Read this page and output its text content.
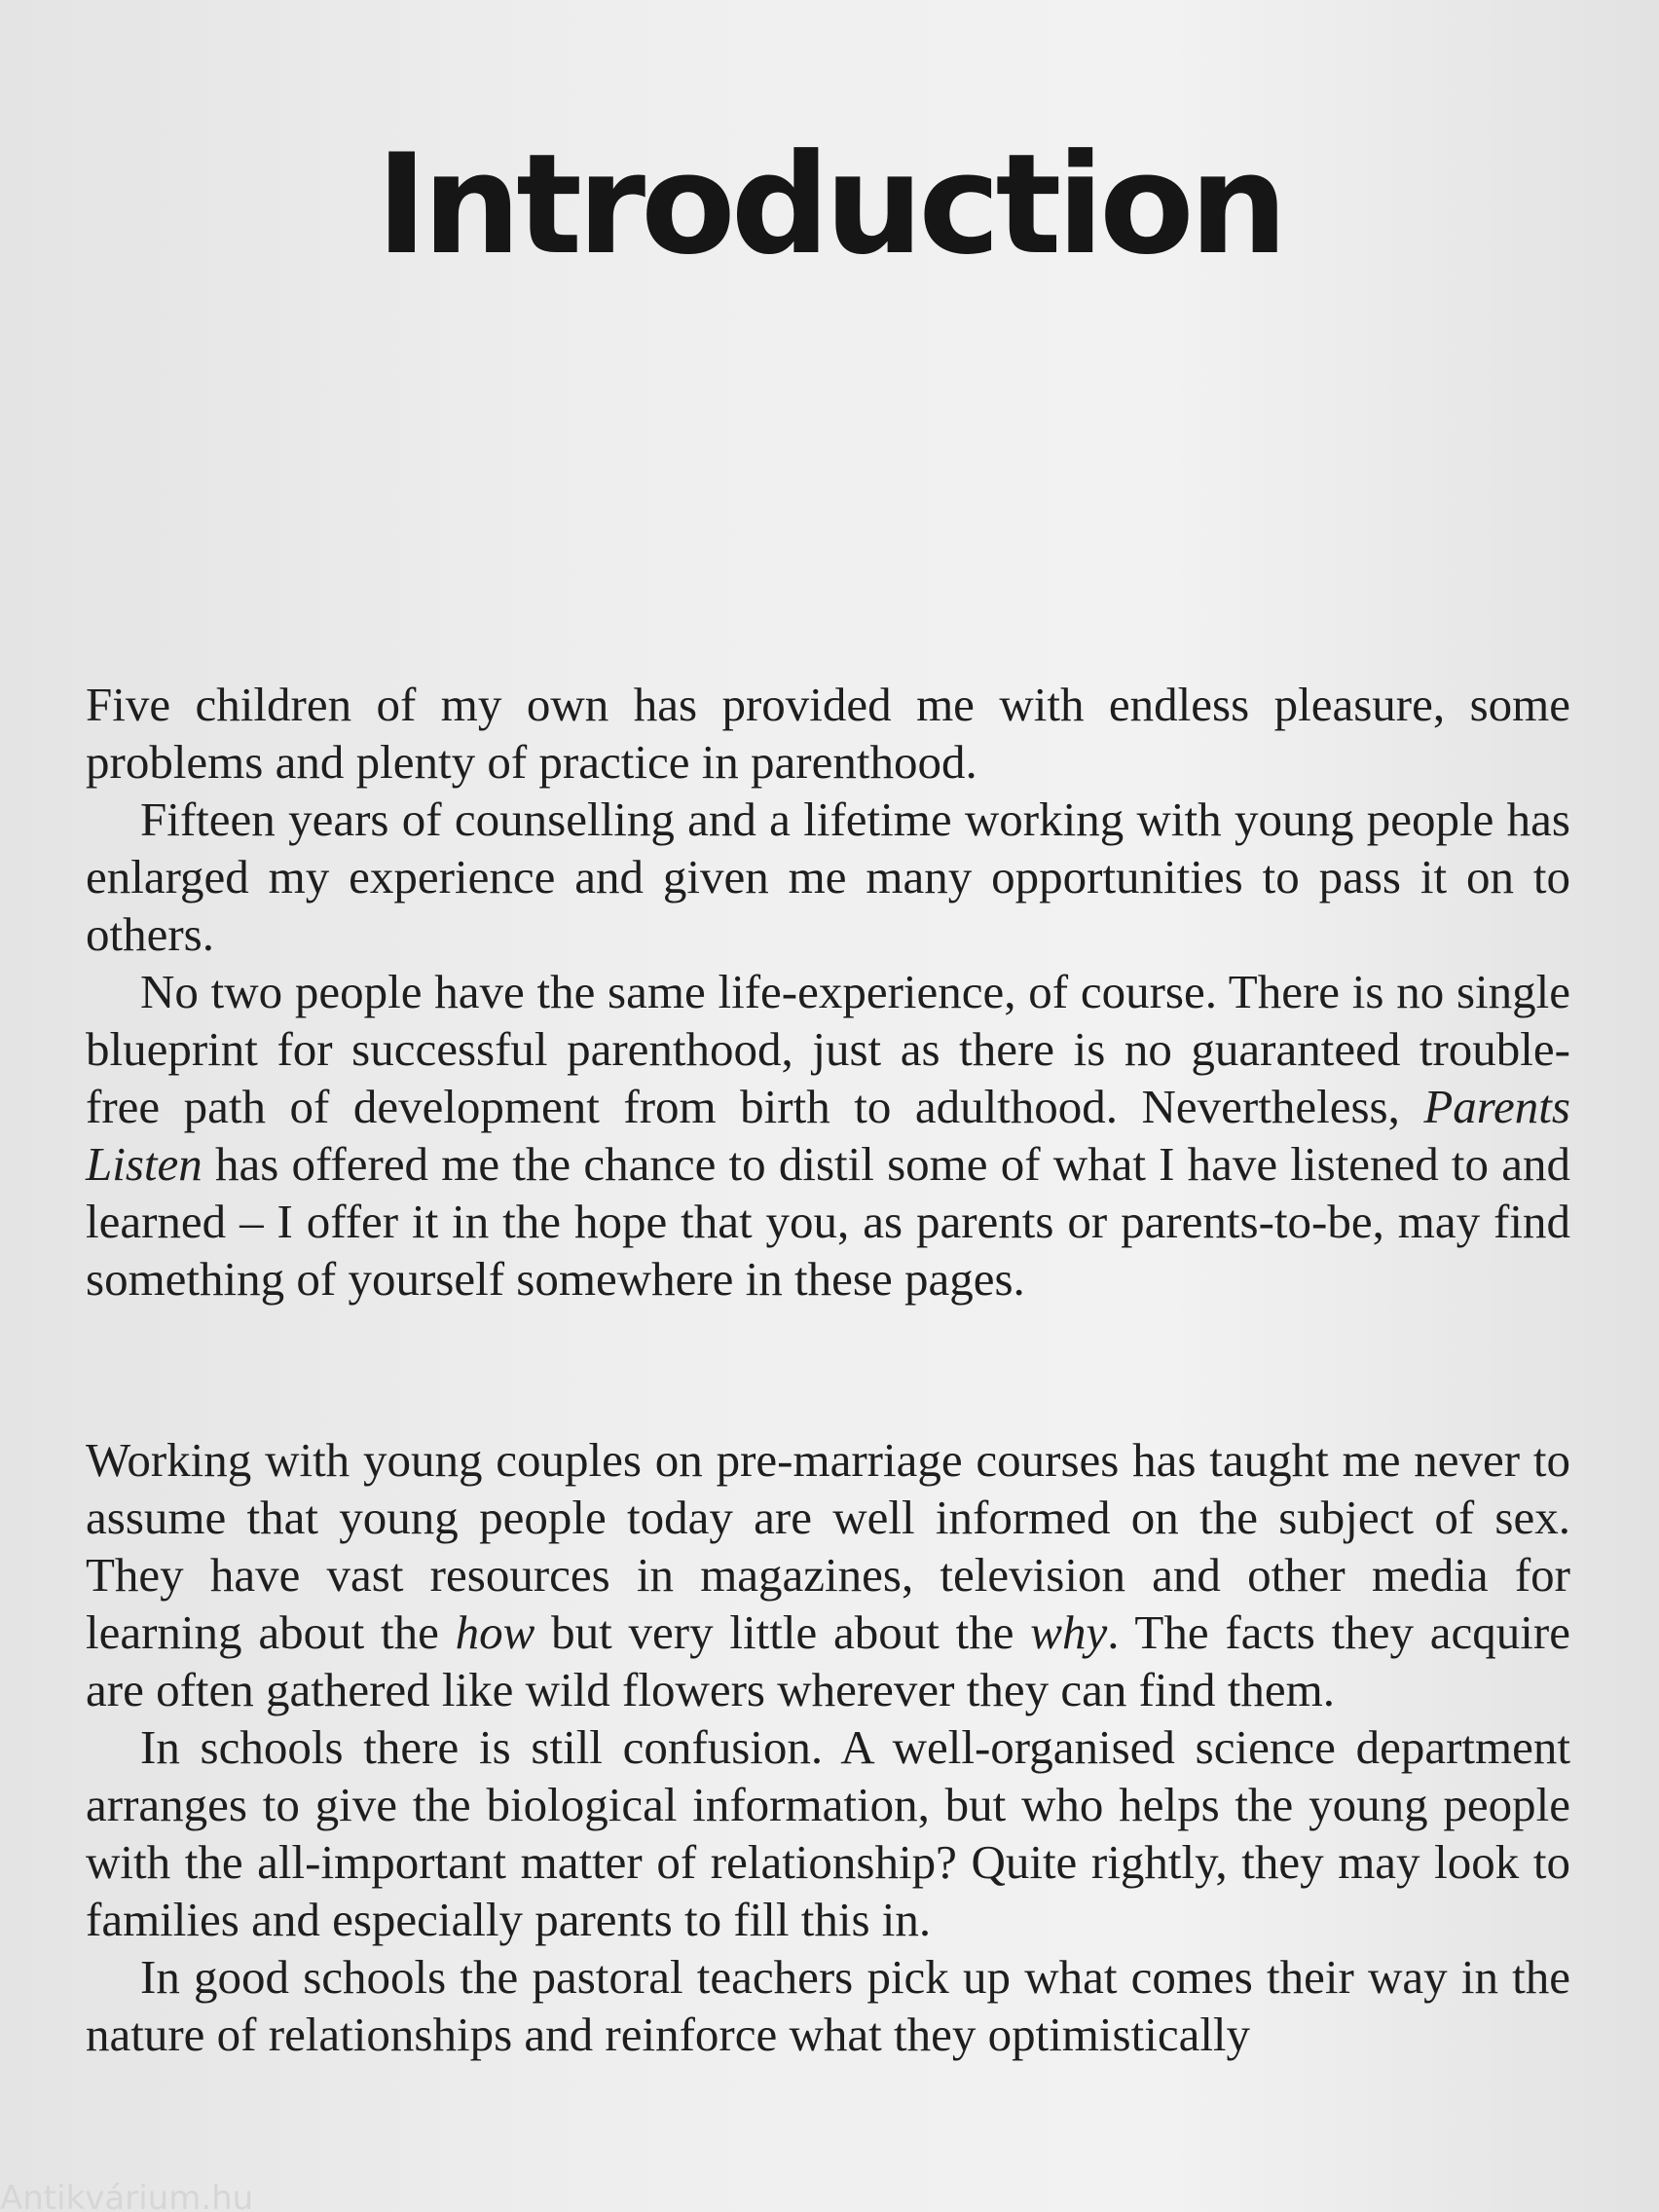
Introduction

Five children of my own has provided me with endless pleasure, some problems and plenty of practice in parenthood.

Fifteen years of counselling and a lifetime working with young people has enlarged my experience and given me many opportunities to pass it on to others.

No two people have the same life-experience, of course. There is no single blueprint for successful parenthood, just as there is no guaranteed trouble-free path of development from birth to adulthood. Nevertheless, Parents Listen has offered me the chance to distil some of what I have listened to and learned – I offer it in the hope that you, as parents or parents-to-be, may find something of yourself somewhere in these pages.

Working with young couples on pre-marriage courses has taught me never to assume that young people today are well informed on the subject of sex. They have vast resources in magazines, television and other media for learning about the how but very little about the why. The facts they acquire are often gathered like wild flowers wherever they can find them.

In schools there is still confusion. A well-organised science department arranges to give the biological information, but who helps the young people with the all-important matter of relationship? Quite rightly, they may look to families and especially parents to fill this in.

In good schools the pastoral teachers pick up what comes their way in the nature of relationships and reinforce what they optimistically

Antikvárium.hu
